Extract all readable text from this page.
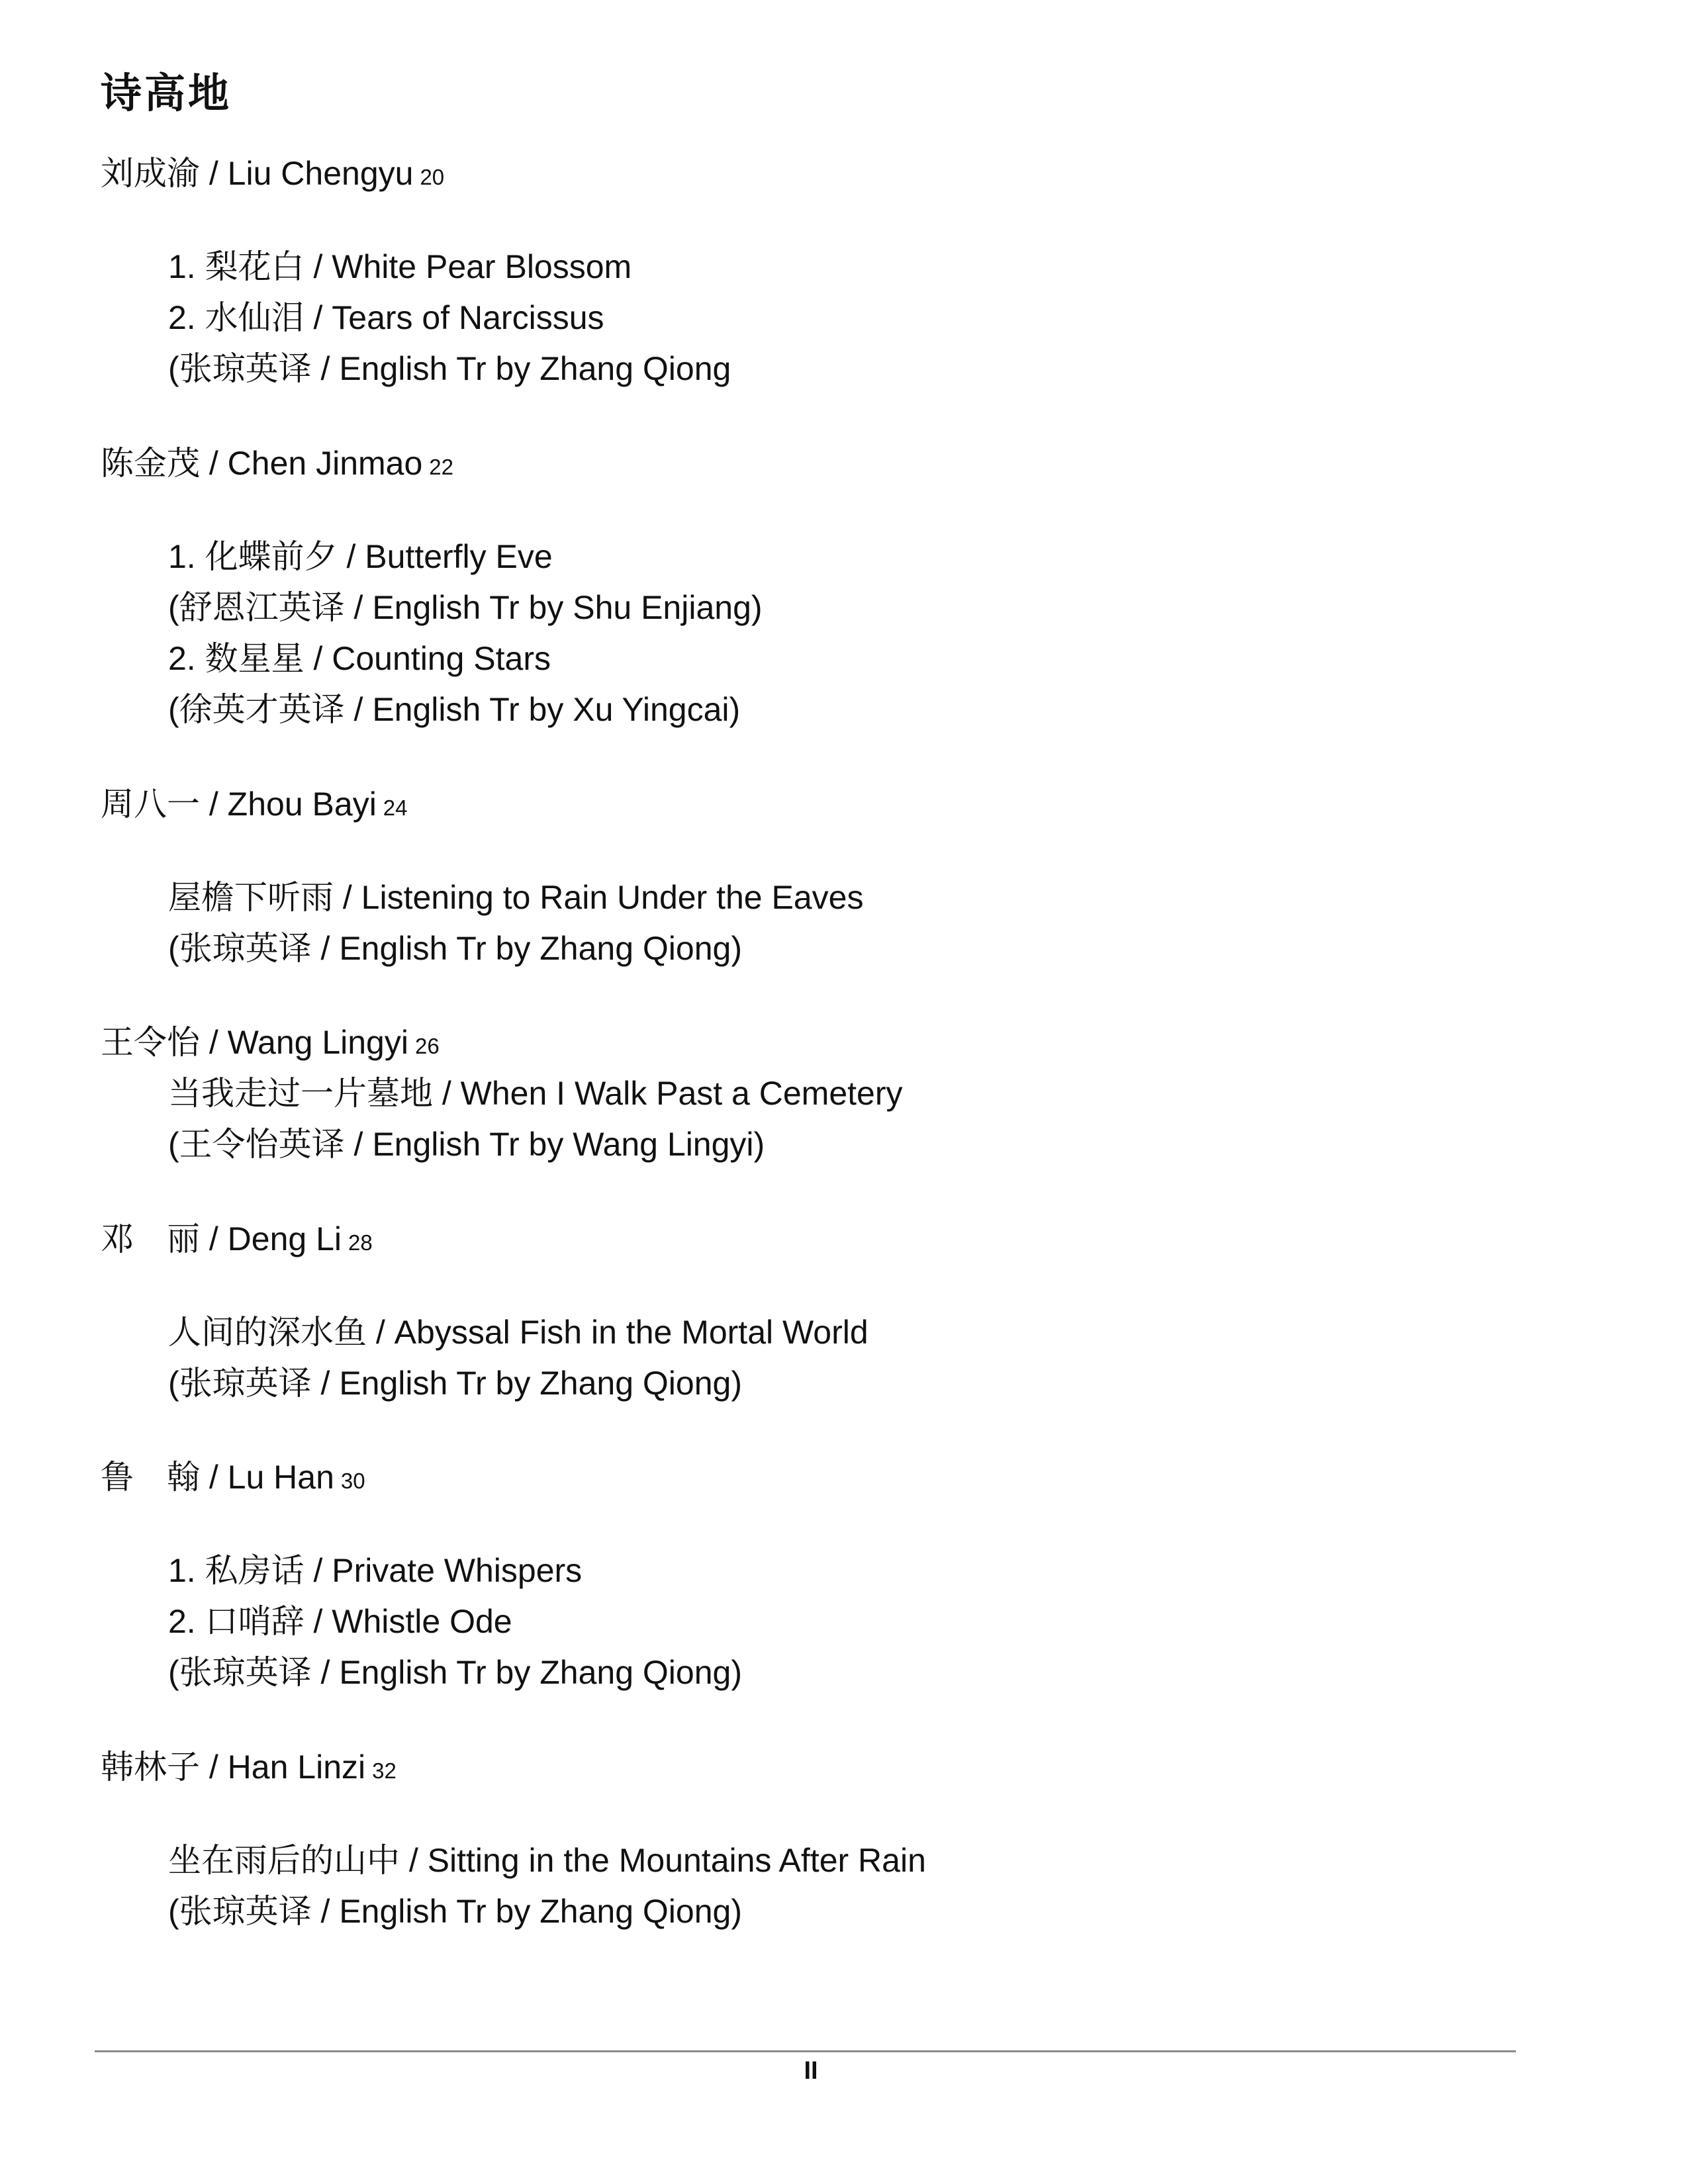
诗高地
刘成渝 / Liu Chengyu 20
1. 梨花白 / White Pear Blossom
2. 水仙泪 / Tears of Narcissus
(张琼英译 / English Tr by Zhang Qiong
陈金茂 / Chen Jinmao 22
1. 化蝶前夕 / Butterfly Eve
(舒恩江英译 / English Tr by Shu Enjiang)
2. 数星星 / Counting Stars
(徐英才英译 / English Tr by Xu Yingcai)
周八一 / Zhou Bayi 24
屋檐下听雨 / Listening to Rain Under the Eaves
(张琼英译 / English Tr by Zhang Qiong)
王令怡 / Wang Lingyi 26
当我走过一片墓地 / When I Walk Past a Cemetery
(王令怡英译 / English Tr by Wang Lingyi)
邓　丽 / Deng Li 28
人间的深水鱼 / Abyssal Fish in the Mortal World
(张琼英译 / English Tr by Zhang Qiong)
鲁　翰 / Lu Han 30
1. 私房话 / Private Whispers
2. 口哨辞 / Whistle Ode
(张琼英译 / English Tr by Zhang Qiong)
韩林子 / Han Linzi 32
坐在雨后的山中 / Sitting in the Mountains After Rain
(张琼英译 / English Tr by Zhang Qiong)
II
